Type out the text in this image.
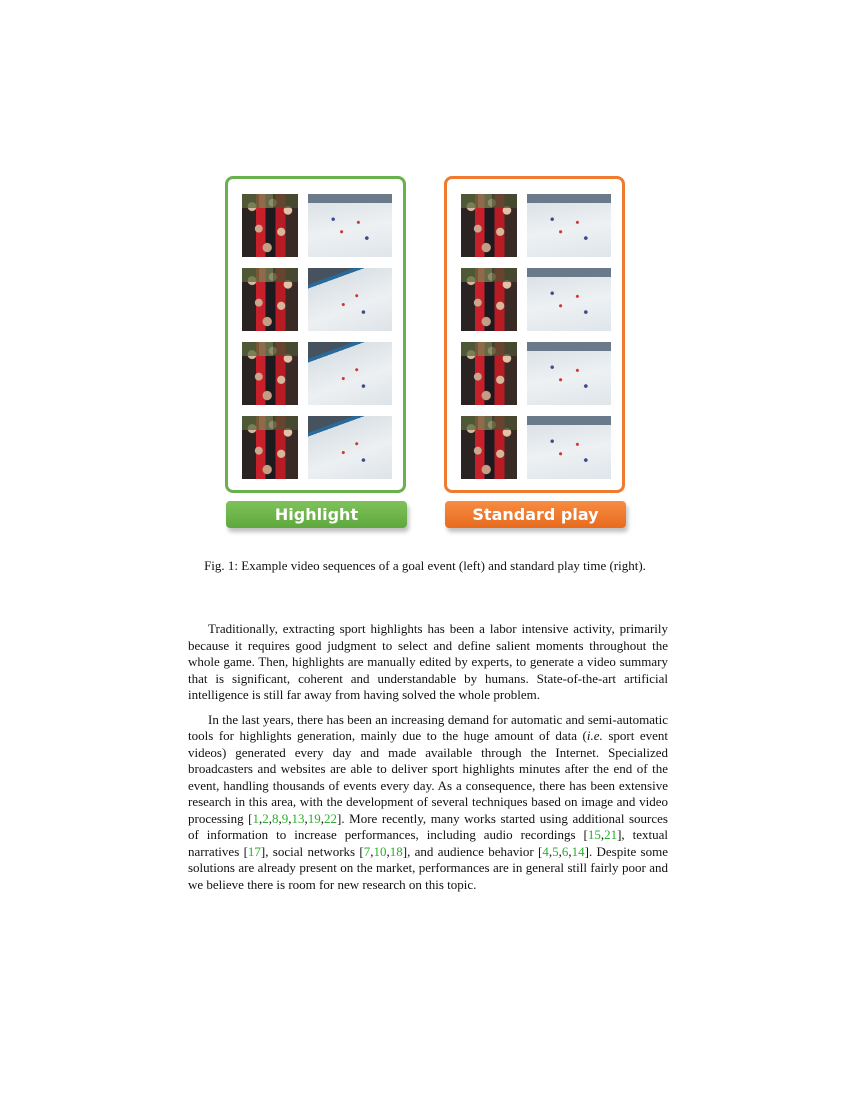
Highlight	Standard play
Fig. 1: Example video sequences of a goal event (left) and standard play time (right).

Traditionally, extracting sport highlights has been a labor intensive activity, primarily because it requires good judgment to select and define salient moments throughout the whole game. Then, highlights are manually edited by experts, to generate a video summary that is significant, coherent and understandable by humans. State-of-the-art artificial intelligence is still far away from having solved the whole problem.

In the last years, there has been an increasing demand for automatic and semi-automatic tools for highlights generation, mainly due to the huge amount of data (i.e. sport event videos) generated every day and made available through the Internet. Specialized broadcasters and websites are able to deliver sport highlights minutes after the end of the event, handling thousands of events every day. As a consequence, there has been extensive research in this area, with the development of several techniques based on image and video processing [1,2,8,9,13,19,22]. More recently, many works started using additional sources of information to increase performances, including audio recordings [15,21], textual narratives [17], social networks [7,10,18], and audience behavior [4,5,6,14]. Despite some solutions are already present on the market, performances are in general still fairly poor and we believe there is room for new research on this topic.
